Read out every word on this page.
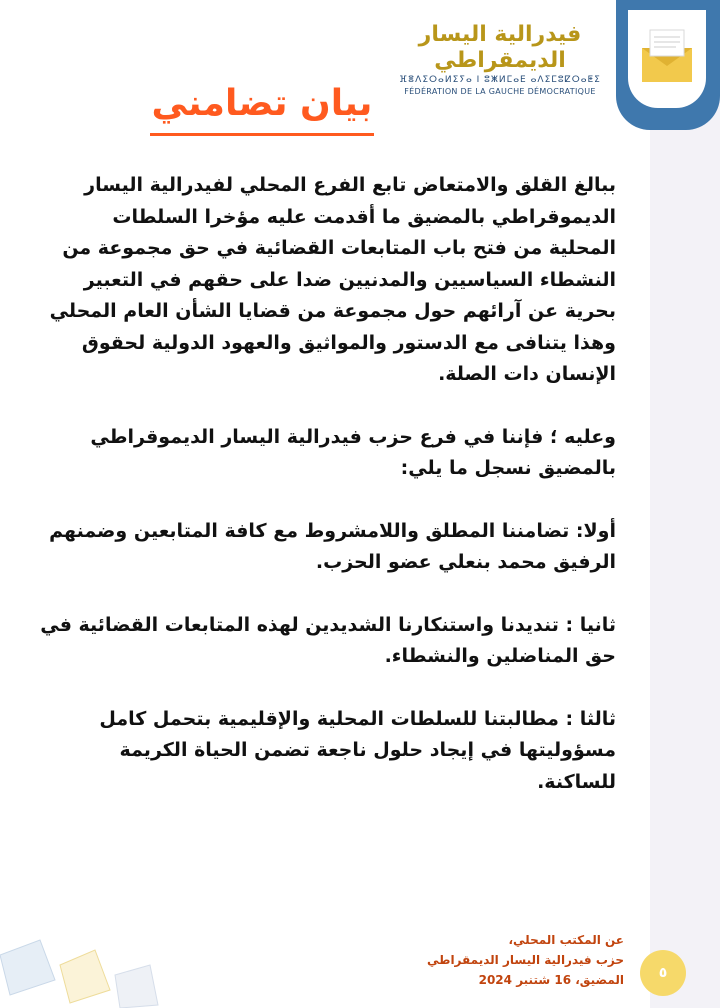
فيدرالية اليسار الديمقراطي
ⴼⴻⴷⵉⵔⴰⵍⵉⵢⴰ ⵏ ⵓⵥⵍⵎⴰⴹ ⴰⴷⵉⵎⵓⵇⵔⴰⵟⵉ
FÉDÉRATION DE LA GAUCHE DÉMOCRATIQUE
بيان تضامني

ببالغ القلق والامتعاض تابع الفرع المحلي لفيدرالية اليسار الديموقراطي بالمضيق ما أقدمت عليه مؤخرا السلطات المحلية من فتح باب المتابعات القضائية في حق مجموعة من النشطاء السياسيين والمدنيين ضدا على حقهم في التعبير بحرية عن آرائهم حول مجموعة من قضايا الشأن العام المحلي وهذا يتنافى مع الدستور والمواثيق والعهود الدولية لحقوق الإنسان دات الصلة.

وعليه ؛ فإننا في فرع حزب فيدرالية اليسار الديموقراطي بالمضيق نسجل ما يلي:

أولا: تضامننا المطلق واللامشروط مع كافة المتابعين وضمنهم الرفيق محمد بنعلي عضو الحزب.

ثانيا : تنديدنا واستنكارنا الشديدين لهذه المتابعات القضائية في حق المناضلين والنشطاء.

ثالثا : مطالبتنا للسلطات المحلية والإقليمية بتحمل كامل مسؤوليتها في إيجاد حلول ناجعة تضمن الحياة الكريمة للساكنة.

عن المكتب المحلي،
حزب فيدرالية اليسار الديمقراطي
المضيق، 16 شتنبر 2024	٥
